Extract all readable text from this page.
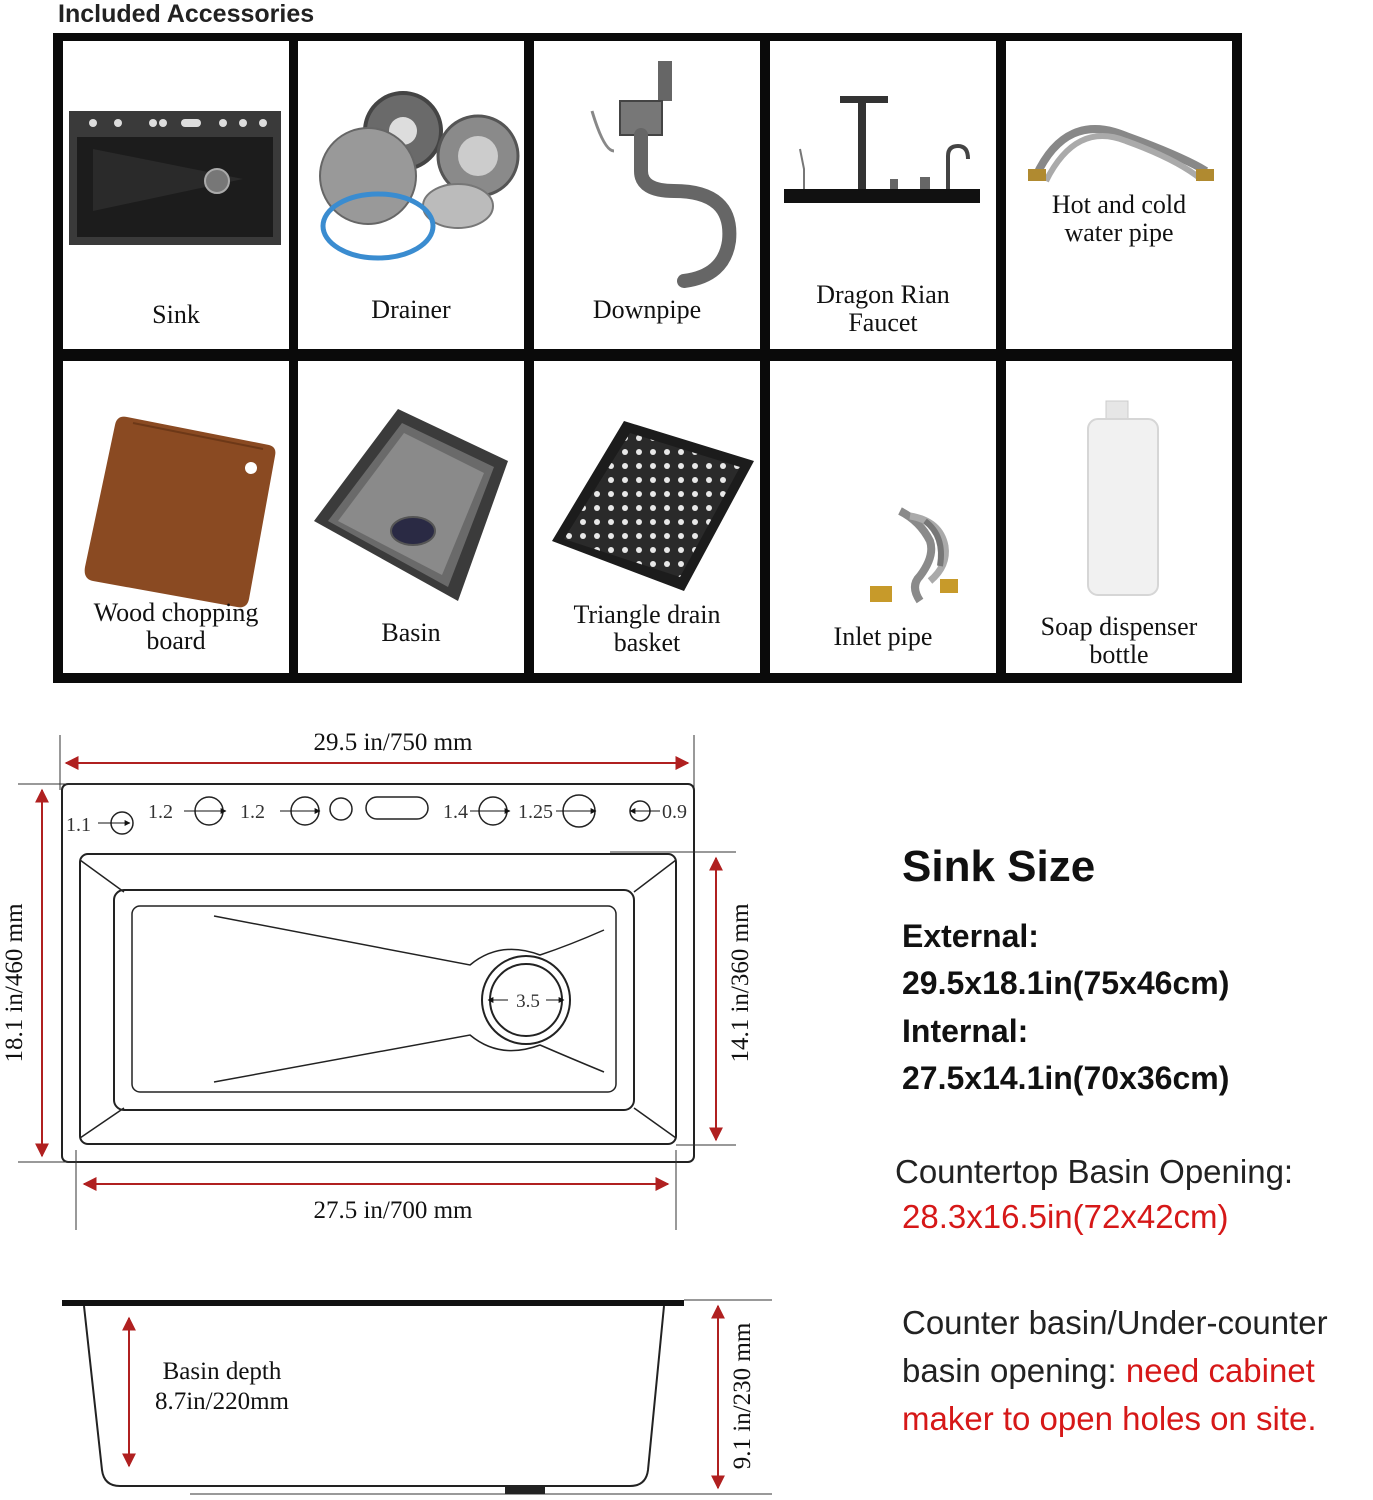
Included Accessories
Sink	Drainer	Downpipe
Dragon Rian
Faucet
Hot and cold
water pipe
Wood chopping
board	Basin
Triangle drain
basket	Inlet pipe	Soap dispenser
bottle
29.5 in/750 mm
3.5
1.1
1.2	1.2	1.4	1.25	0.9
18.1 in/460 mm	14.1 in/360 mm
27.5 in/700 mm
Basin depth
8.7in/220mm	9.1 in/230 mm
Sink Size
External:
29.5x18.1in(75x46cm)
Internal:
27.5x14.1in(70x36cm)
Countertop Basin Opening:
28.3x16.5in(72x42cm)
Counter basin/Under-counter
basin opening: need cabinet
maker to open holes on site.
